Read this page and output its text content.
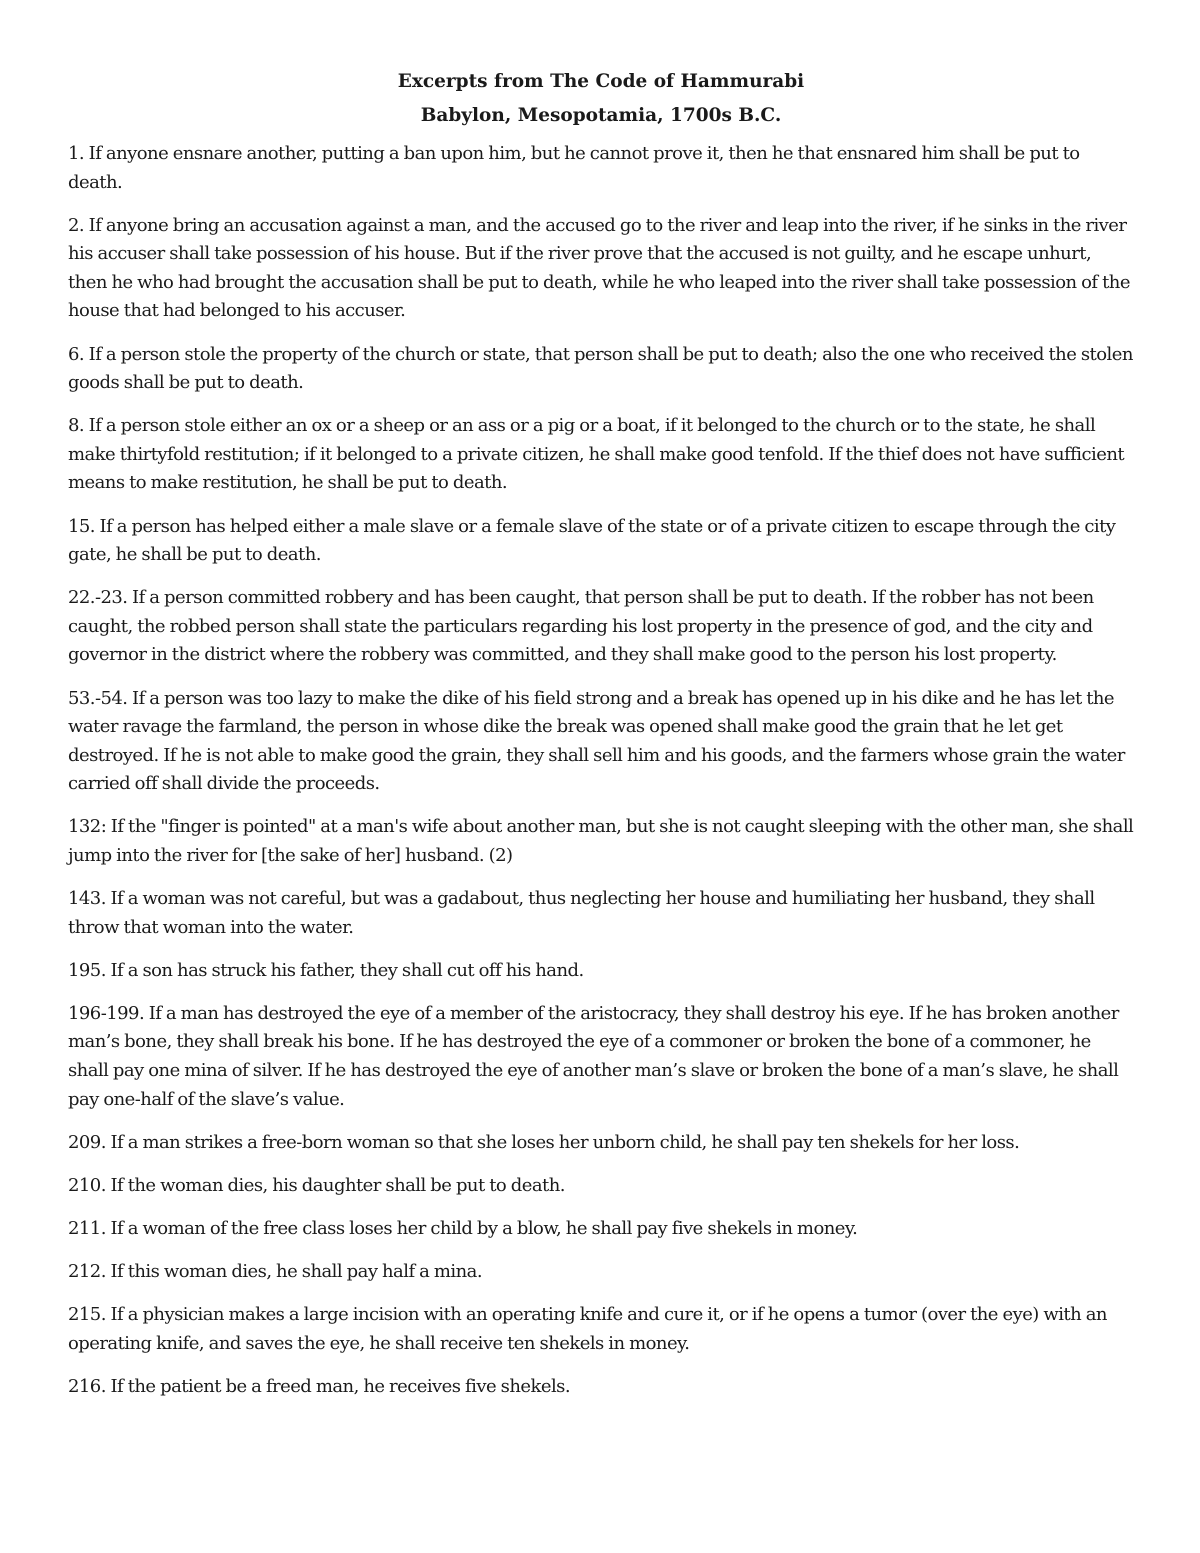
Excerpts from The Code of Hammurabi
Babylon, Mesopotamia, 1700s B.C.

1. If anyone ensnare another, putting a ban upon him, but he cannot prove it, then he that ensnared him shall be put to death.

2. If anyone bring an accusation against a man, and the accused go to the river and leap into the river, if he sinks in the river his accuser shall take possession of his house. But if the river prove that the accused is not guilty, and he escape unhurt, then he who had brought the accusation shall be put to death, while he who leaped into the river shall take possession of the house that had belonged to his accuser.

6. If a person stole the property of the church or state, that person shall be put to death; also the one who received the stolen goods shall be put to death.

8. If a person stole either an ox or a sheep or an ass or a pig or a boat, if it belonged to the church or to the state, he shall make thirtyfold restitution; if it belonged to a private citizen, he shall make good tenfold. If the thief does not have sufficient means to make restitution, he shall be put to death.

15. If a person has helped either a male slave or a female slave of the state or of a private citizen to escape through the city gate, he shall be put to death.

22.-23. If a person committed robbery and has been caught, that person shall be put to death. If the robber has not been caught, the robbed person shall state the particulars regarding his lost property in the presence of god, and the city and governor in the district where the robbery was committed, and they shall make good to the person his lost property.

53.-54. If a person was too lazy to make the dike of his field strong and a break has opened up in his dike and he has let the water ravage the farmland, the person in whose dike the break was opened shall make good the grain that he let get destroyed. If he is not able to make good the grain, they shall sell him and his goods, and the farmers whose grain the water carried off shall divide the proceeds.

132: If the "finger is pointed" at a man's wife about another man, but she is not caught sleeping with the other man, she shall jump into the river for [the sake of her] husband. (2)

143. If a woman was not careful, but was a gadabout, thus neglecting her house and humiliating her husband, they shall throw that woman into the water.

195. If a son has struck his father, they shall cut off his hand.

196-199. If a man has destroyed the eye of a member of the aristocracy, they shall destroy his eye. If he has broken another man’s bone, they shall break his bone. If he has destroyed the eye of a commoner or broken the bone of a commoner, he shall pay one mina of silver. If he has destroyed the eye of another man’s slave or broken the bone of a man’s slave, he shall pay one-half of the slave’s value.

209. If a man strikes a free-born woman so that she loses her unborn child, he shall pay ten shekels for her loss.

210. If the woman dies, his daughter shall be put to death.

211. If a woman of the free class loses her child by a blow, he shall pay five shekels in money.

212. If this woman dies, he shall pay half a mina.

215. If a physician makes a large incision with an operating knife and cure it, or if he opens a tumor (over the eye) with an operating knife, and saves the eye, he shall receive ten shekels in money.

216. If the patient be a freed man, he receives five shekels.
